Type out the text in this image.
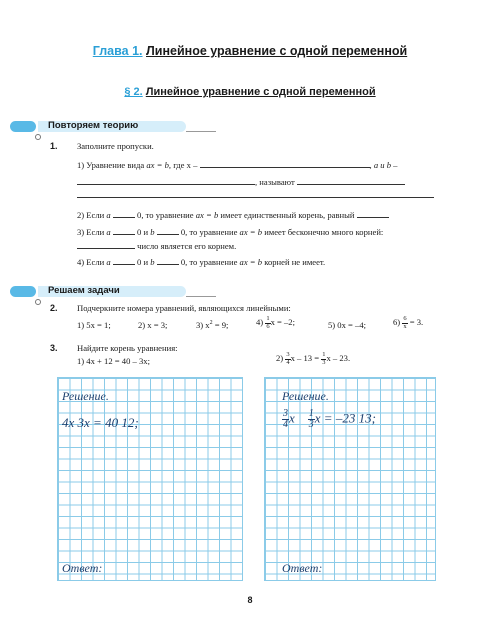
Глава 1. Линейное уравнение с одной переменной
§ 2. Линейное уравнение с одной переменной
Повторяем теорию
1. Заполните пропуски.
1) Уравнение вида ax = b, где x –	, a и b –
, называют
2) Если a	0, то уравнение ax = b имеет единственный корень, равный
3) Если a	0 и b	0, то уравнение ax = b имеет бесконечно много корней:
число является его корнем.
4) Если a	0 и b	0, то уравнение ax = b корней не имеет.
Решаем задачи
2. Подчеркните номера уравнений, являющихся линейными:
1) 5x = 1;	2) x = 3;	3) $x^2 = 9$;	$4) \frac{1}{6}$ x = –2;	5) 0x = –4;	$6) \frac{6}{x} = 3$.
3. Найдите корень уравнения:
1) 4x + 12 = 40 – 3x;	$2) \frac{3}{4}$ $x - 13 = \frac{1}{3}$ x – 23.
Решение.
4x 3x = 40 12;
Ответ:
Решение.
$\frac{3}{4}$ x $\frac{1}{3}$ x = –23 13;
Ответ:
8
